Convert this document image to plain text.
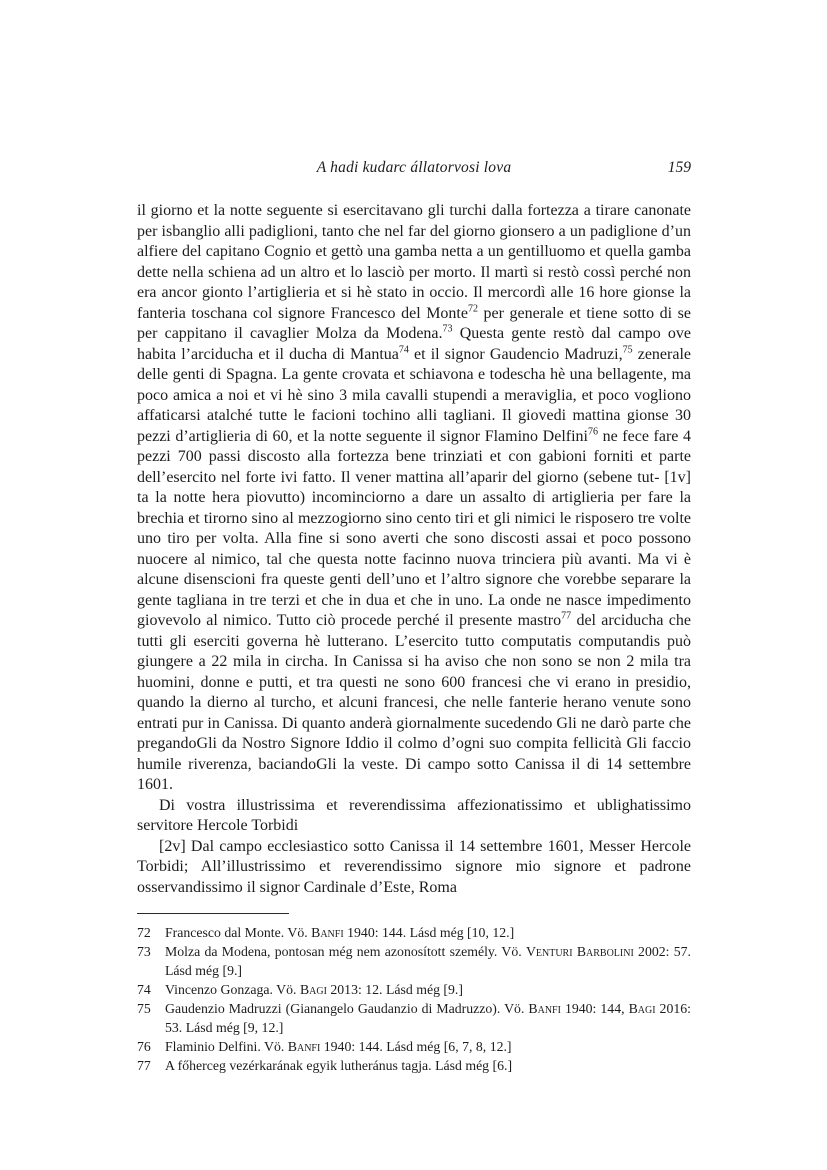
A hadi kudarc állatorvosi lova	159

il giorno et la notte seguente si esercitavano gli turchi dalla fortezza a tirare canonate per isbanglio alli padiglioni, tanto che nel far del giorno gionsero a un padiglione d’un alfiere del capitano Cognio et gettò una gamba netta a un gentilluomo et quella gamba dette nella schiena ad un altro et lo lasciò per morto. Il martì si restò cossì perché non era ancor gionto l’artiglieria et si hè stato in occio. Il mercordì alle 16 hore gionse la fanteria toschana col signore Francesco del Monte$^{72}$ per generale et tiene sotto di se per cappitano il cavaglier Molza da Modena.$^{73}$ Questa gente restò dal campo ove habita l’arciducha et il ducha di Mantua$^{74}$ et il signor Gaudencio Madruzi,$^{75}$ zenerale delle genti di Spagna. La gente crovata et schiavona e todescha hè una bellagente, ma poco amica a noi et vi hè sino 3 mila cavalli stupendi a meraviglia, et poco vogliono affaticarsi atalché tutte le facioni tochino alli tagliani. Il giovedi mattina gionse 30 pezzi d’artiglieria di 60, et la notte seguente il signor Flamino Delfini$^{76}$ ne fece fare 4 pezzi 700 passi discosto alla fortezza bene trinziati et con gabioni forniti et parte dell’esercito nel forte ivi fatto. Il vener mattina all’aparir del giorno (sebene tut- [1v] ta la notte hera piovutto) incominciorno a dare un assalto di artiglieria per fare la brechia et tirorno sino al mezzogiorno sino cento tiri et gli nimici le risposero tre volte uno tiro per volta. Alla fine si sono averti che sono discosti assai et poco possono nuocere al nimico, tal che questa notte facinno nuova trinciera più avanti. Ma vi è alcune disenscioni fra queste genti dell’uno et l’altro signore che vorebbe separare la gente tagliana in tre terzi et che in dua et che in uno. La onde ne nasce impedimento giovevolo al nimico. Tutto ciò procede perché il presente mastro$^{77}$ del arciducha che tutti gli eserciti governa hè lutterano. L’esercito tutto computatis computandis può giungere a 22 mila in circha. In Canissa si ha aviso che non sono se non 2 mila tra huomini, donne e putti, et tra questi ne sono 600 francesi che vi erano in presidio, quando la dierno al turcho, et alcuni francesi, che nelle fanterie herano venute sono entrati pur in Canissa. Di quanto anderà giornalmente sucedendo Gli ne darò parte che pregandoGli da Nostro Signore Iddio il colmo d’ogni suo compita fellicità Gli faccio humile riverenza, baciandoGli la veste. Di campo sotto Canissa il di 14 settembre 1601.

Di vostra illustrissima et reverendissima affezionatissimo et ublighatissimo servitore Hercole Torbidi

[2v] Dal campo ecclesiastico sotto Canissa il 14 settembre 1601, Messer Hercole Torbidi; All’illustrissimo et reverendissimo signore mio signore et padrone osservandissimo il signor Cardinale d’Este, Roma

72	Francesco dal Monte. Vö. Banfi 1940: 144. Lásd még [10, 12.]
73	Molza da Modena, pontosan még nem azonosított személy. Vö. Venturi Barbolini 2002: 57. Lásd még [9.]
74	Vincenzo Gonzaga. Vö. Bagi 2013: 12. Lásd még [9.]
75	Gaudenzio Madruzzi (Gianangelo Gaudanzio di Madruzzo). Vö. Banfi 1940: 144, Bagi 2016: 53. Lásd még [9, 12.]
76	Flaminio Delfini. Vö. Banfi 1940: 144. Lásd még [6, 7, 8, 12.]
77	A főherceg vezérkarának egyik lutheránus tagja. Lásd még [6.]
